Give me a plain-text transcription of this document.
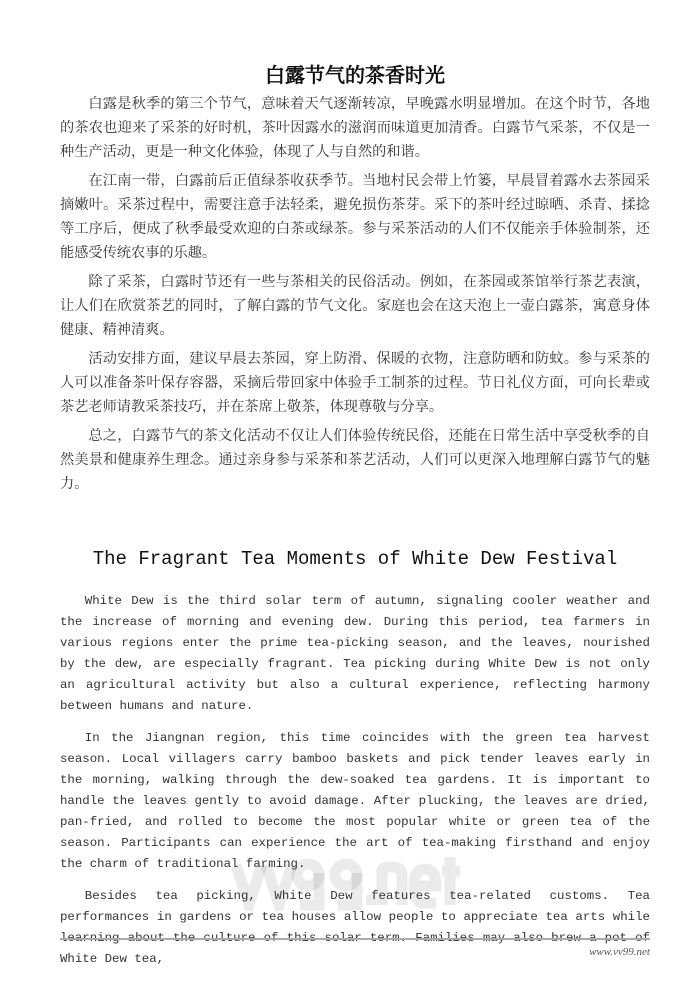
白露节气的茶香时光

白露是秋季的第三个节气，意味着天气逐渐转凉，早晚露水明显增加。在这个时节，各地的茶农也迎来了采茶的好时机，茶叶因露水的滋润而味道更加清香。白露节气采茶，不仅是一种生产活动，更是一种文化体验，体现了人与自然的和谐。

在江南一带，白露前后正值绿茶收获季节。当地村民会带上竹篓，早晨冒着露水去茶园采摘嫩叶。采茶过程中，需要注意手法轻柔，避免损伤茶芽。采下的茶叶经过晾晒、杀青、揉捻等工序后，便成了秋季最受欢迎的白茶或绿茶。参与采茶活动的人们不仅能亲手体验制茶，还能感受传统农事的乐趣。

除了采茶，白露时节还有一些与茶相关的民俗活动。例如，在茶园或茶馆举行茶艺表演，让人们在欣赏茶艺的同时，了解白露的节气文化。家庭也会在这天泡上一壶白露茶，寓意身体健康、精神清爽。

活动安排方面，建议早晨去茶园，穿上防滑、保暖的衣物，注意防晒和防蚊。参与采茶的人可以准备茶叶保存容器，采摘后带回家中体验手工制茶的过程。节日礼仪方面，可向长辈或茶艺老师请教采茶技巧，并在茶席上敬茶，体现尊敬与分享。

总之，白露节气的茶文化活动不仅让人们体验传统民俗，还能在日常生活中享受秋季的自然美景和健康养生理念。通过亲身参与采茶和茶艺活动，人们可以更深入地理解白露节气的魅力。

The Fragrant Tea Moments of White Dew Festival

White Dew is the third solar term of autumn, signaling cooler weather and the increase of morning and evening dew. During this period, tea farmers in various regions enter the prime tea-picking season, and the leaves, nourished by the dew, are especially fragrant. Tea picking during White Dew is not only an agricultural activity but also a cultural experience, reflecting harmony between humans and nature.

In the Jiangnan region, this time coincides with the green tea harvest season. Local villagers carry bamboo baskets and pick tender leaves early in the morning, walking through the dew-soaked tea gardens. It is important to handle the leaves gently to avoid damage. After plucking, the leaves are dried, pan-fried, and rolled to become the most popular white or green tea of the season. Participants can experience the art of tea-making firsthand and enjoy the charm of traditional farming.

Besides tea picking, White Dew features tea-related customs. Tea performances in gardens or tea houses allow people to appreciate tea arts while White Dew tea,	www.vv99.net
